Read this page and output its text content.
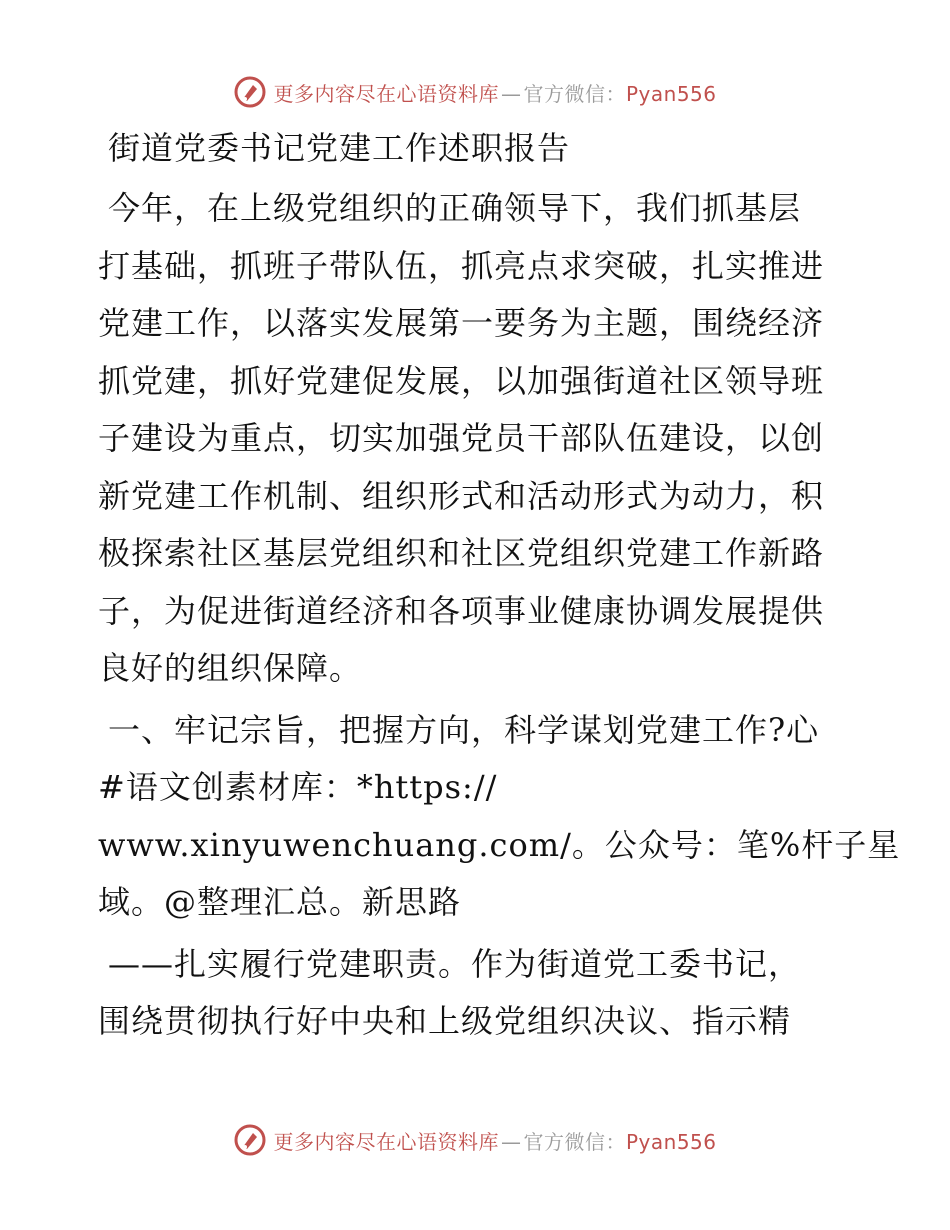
更多内容尽在心语资料库 — 官方微信：Pyan556
街道党委书记党建工作述职报告
今年，在上级党组织的正确领导下，我们抓基层
打基础，抓班子带队伍，抓亮点求突破，扎实推进
党建工作，以落实发展第一要务为主题，围绕经济
抓党建，抓好党建促发展，以加强街道社区领导班
子建设为重点，切实加强党员干部队伍建设，以创
新党建工作机制、组织形式和活动形式为动力，积
极探索社区基层党组织和社区党组织党建工作新路
子，为促进街道经济和各项事业健康协调发展提供
良好的组织保障。
一、牢记宗旨，把握方向，科学谋划党建工作?心
#语文创素材库：*https://
www.xinyuwenchuang.com/。公众号：笔%杆子星
域。@整理汇总。新思路
——扎实履行党建职责。作为街道党工委书记，
围绕贯彻执行好中央和上级党组织决议、指示精
更多内容尽在心语资料库 — 官方微信：Pyan556
